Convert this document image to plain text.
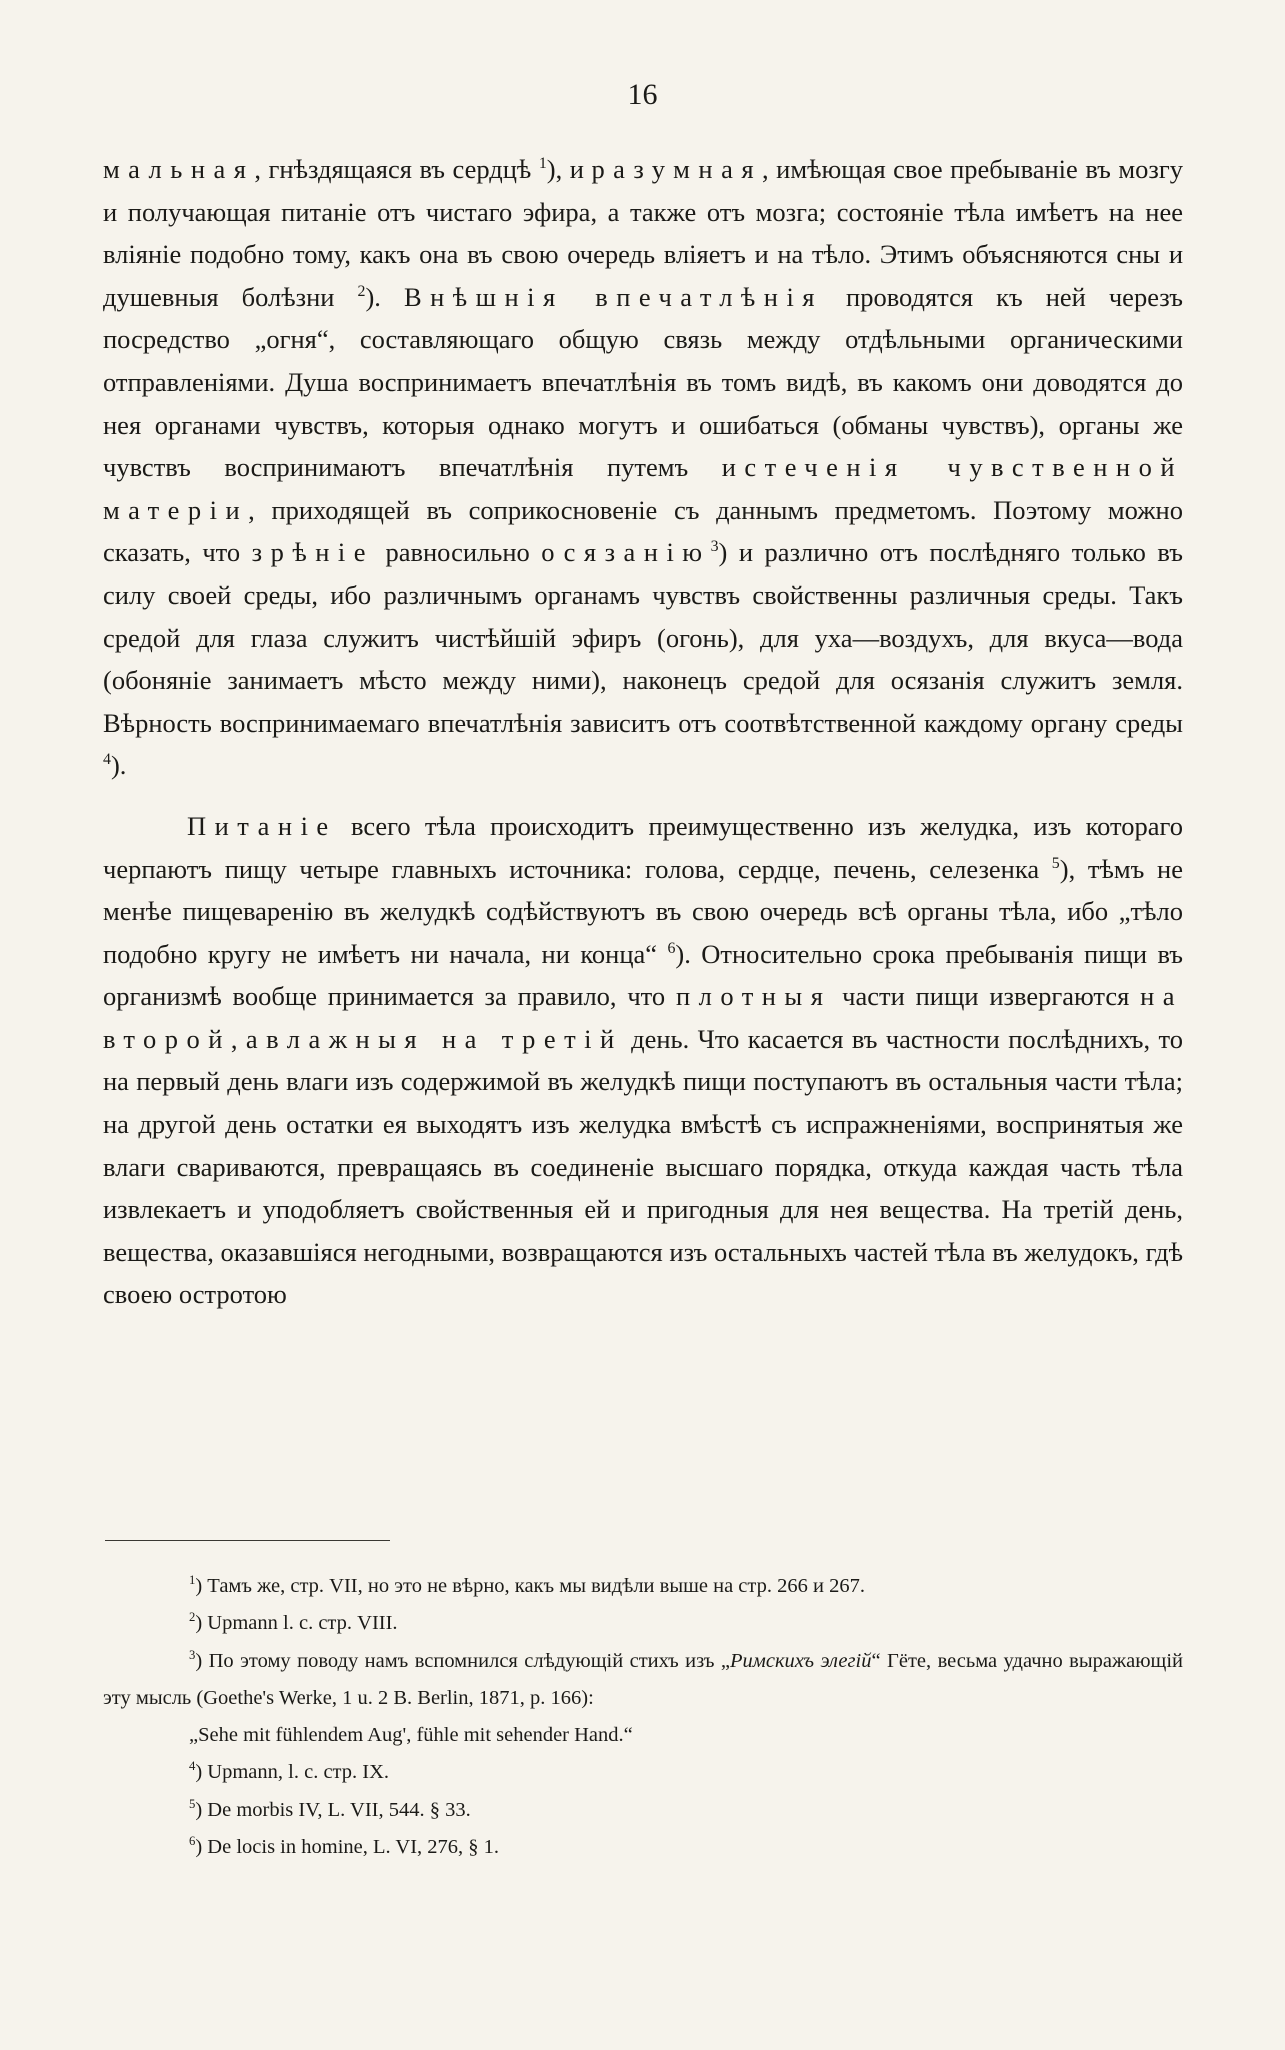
16

мальная, гнѣздящаяся въ сердцѣ $^1$), и разумная, имѣющая свое пребываніе въ мозгу и получающая питаніе отъ чистаго эфира, а также отъ мозга; состояніе тѣла имѣетъ на нее вліяніе подобно тому, какъ она въ свою очередь вліяетъ и на тѣло. Этимъ объясняются сны и душевныя болѣзни $^2$). Внѣшнія впечатлѣнія проводятся къ ней черезъ посредство „огня“, составляющаго общую связь между отдѣльными органическими отправленіями. Душа воспринимаетъ впечатлѣнія въ томъ видѣ, въ какомъ они доводятся до нея органами чувствъ, которыя однако могутъ и ошибаться (обманы чувствъ), органы же чувствъ воспринимаютъ впечатлѣнія путемъ истеченія чувственной матеріи, приходящей въ соприкосновеніе съ даннымъ предметомъ. Поэтому можно сказать, что зрѣніе равносильно осязанію$^3$) и различно отъ послѣдняго только въ силу своей среды, ибо различнымъ органамъ чувствъ свойственны различныя среды. Такъ средой для глаза служитъ чистѣйшій эфиръ (огонь), для уха—воздухъ, для вкуса—вода (обоняніе занимаетъ мѣсто между ними), наконецъ средой для осязанія служитъ земля. Вѣрность воспринимаемаго впечатлѣнія зависитъ отъ соотвѣтственной каждому органу среды $^4$).

Питаніе всего тѣла происходитъ преимущественно изъ желудка, изъ котораго черпаютъ пищу четыре главныхъ источника: голова, сердце, печень, селезенка $^5$), тѣмъ не менѣе пищеваренію въ желудкѣ содѣйствуютъ въ свою очередь всѣ органы тѣла, ибо „тѣло подобно кругу не имѣетъ ни начала, ни конца“ $^6$). Относительно срока пребыванія пищи въ организмѣ вообще принимается за правило, что плотныя части пищи извергаются на второй, а влажныя на третій день. Что касается въ частности послѣднихъ, то на первый день влаги изъ содержимой въ желудкѣ пищи поступаютъ въ остальныя части тѣла; на другой день остатки ея выходятъ изъ желудка вмѣстѣ съ испражненіями, воспринятыя же влаги свариваются, превращаясь въ соединеніе высшаго порядка, откуда каждая часть тѣла извлекаетъ и уподобляетъ свойственныя ей и пригодныя для нея вещества. На третій день, вещества, оказавшіяся негодными, возвращаются изъ остальныхъ частей тѣла въ желудокъ, гдѣ своею остротою

$^1$) Тамъ же, стр. VII, но это не вѣрно, какъ мы видѣли выше на стр. 266 и 267.

$^2$) Upmann l. c. стр. VIII.

$^3$) По этому поводу намъ вспомнился слѣдующій стихъ изъ „Римскихъ элегій“ Гёте, весьма удачно выражающій эту мысль (Goethe's Werke, 1 u. 2 B. Berlin, 1871, p. 166):

„Sehe mit fühlendem Aug', fühle mit sehender Hand.“

$^4$) Upmann, l. c. стр. IX.

$^5$) De morbis IV, L. VII, 544. § 33.

$^6$) De locis in homine, L. VI, 276, § 1.
